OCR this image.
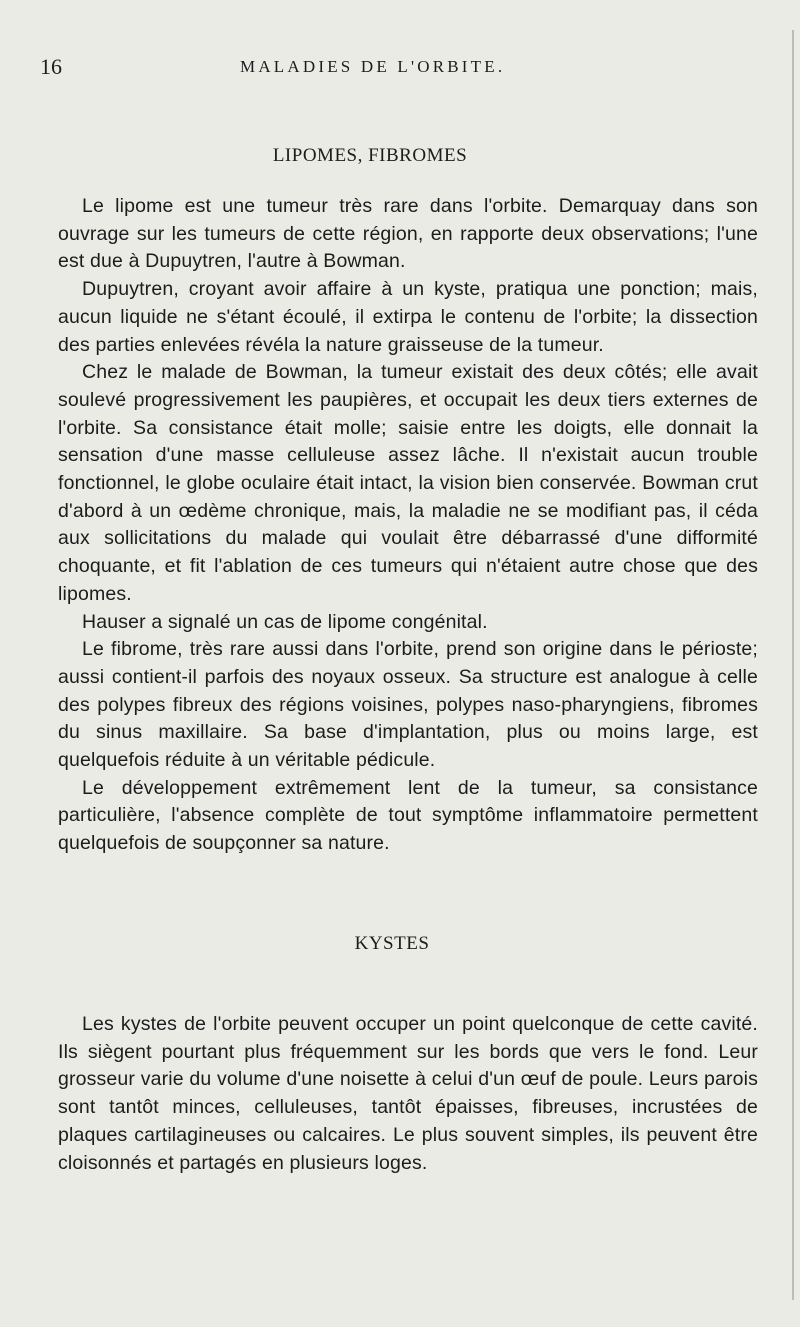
16	MALADIES DE L'ORBITE.
LIPOMES, FIBROMES

Le lipome est une tumeur très rare dans l'orbite. Demarquay dans son ouvrage sur les tumeurs de cette région, en rapporte deux observations; l'une est due à Dupuytren, l'autre à Bowman.

Dupuytren, croyant avoir affaire à un kyste, pratiqua une ponction; mais, aucun liquide ne s'étant écoulé, il extirpa le contenu de l'orbite; la dissection des parties enlevées révéla la nature graisseuse de la tumeur.

Chez le malade de Bowman, la tumeur existait des deux côtés; elle avait soulevé progressivement les paupières, et occupait les deux tiers externes de l'orbite. Sa consistance était molle; saisie entre les doigts, elle donnait la sensation d'une masse celluleuse assez lâche. Il n'existait aucun trouble fonctionnel, le globe oculaire était intact, la vision bien conservée. Bowman crut d'abord à un œdème chronique, mais, la maladie ne se modifiant pas, il céda aux sollicitations du malade qui voulait être débarrassé d'une difformité choquante, et fit l'ablation de ces tumeurs qui n'étaient autre chose que des lipomes.

Hauser a signalé un cas de lipome congénital.

Le fibrome, très rare aussi dans l'orbite, prend son origine dans le périoste; aussi contient-il parfois des noyaux osseux. Sa structure est analogue à celle des polypes fibreux des régions voisines, polypes naso-pharyngiens, fibromes du sinus maxillaire. Sa base d'implantation, plus ou moins large, est quelquefois réduite à un véritable pédicule.

Le développement extrêmement lent de la tumeur, sa consistance particulière, l'absence complète de tout symptôme inflammatoire permettent quelquefois de soupçonner sa nature.

KYSTES

Les kystes de l'orbite peuvent occuper un point quelconque de cette cavité. Ils siègent pourtant plus fréquemment sur les bords que vers le fond. Leur grosseur varie du volume d'une noisette à celui d'un œuf de poule. Leurs parois sont tantôt minces, celluleuses, tantôt épaisses, fibreuses, incrustées de plaques cartilagineuses ou calcaires. Le plus souvent simples, ils peuvent être cloisonnés et partagés en plusieurs loges.
